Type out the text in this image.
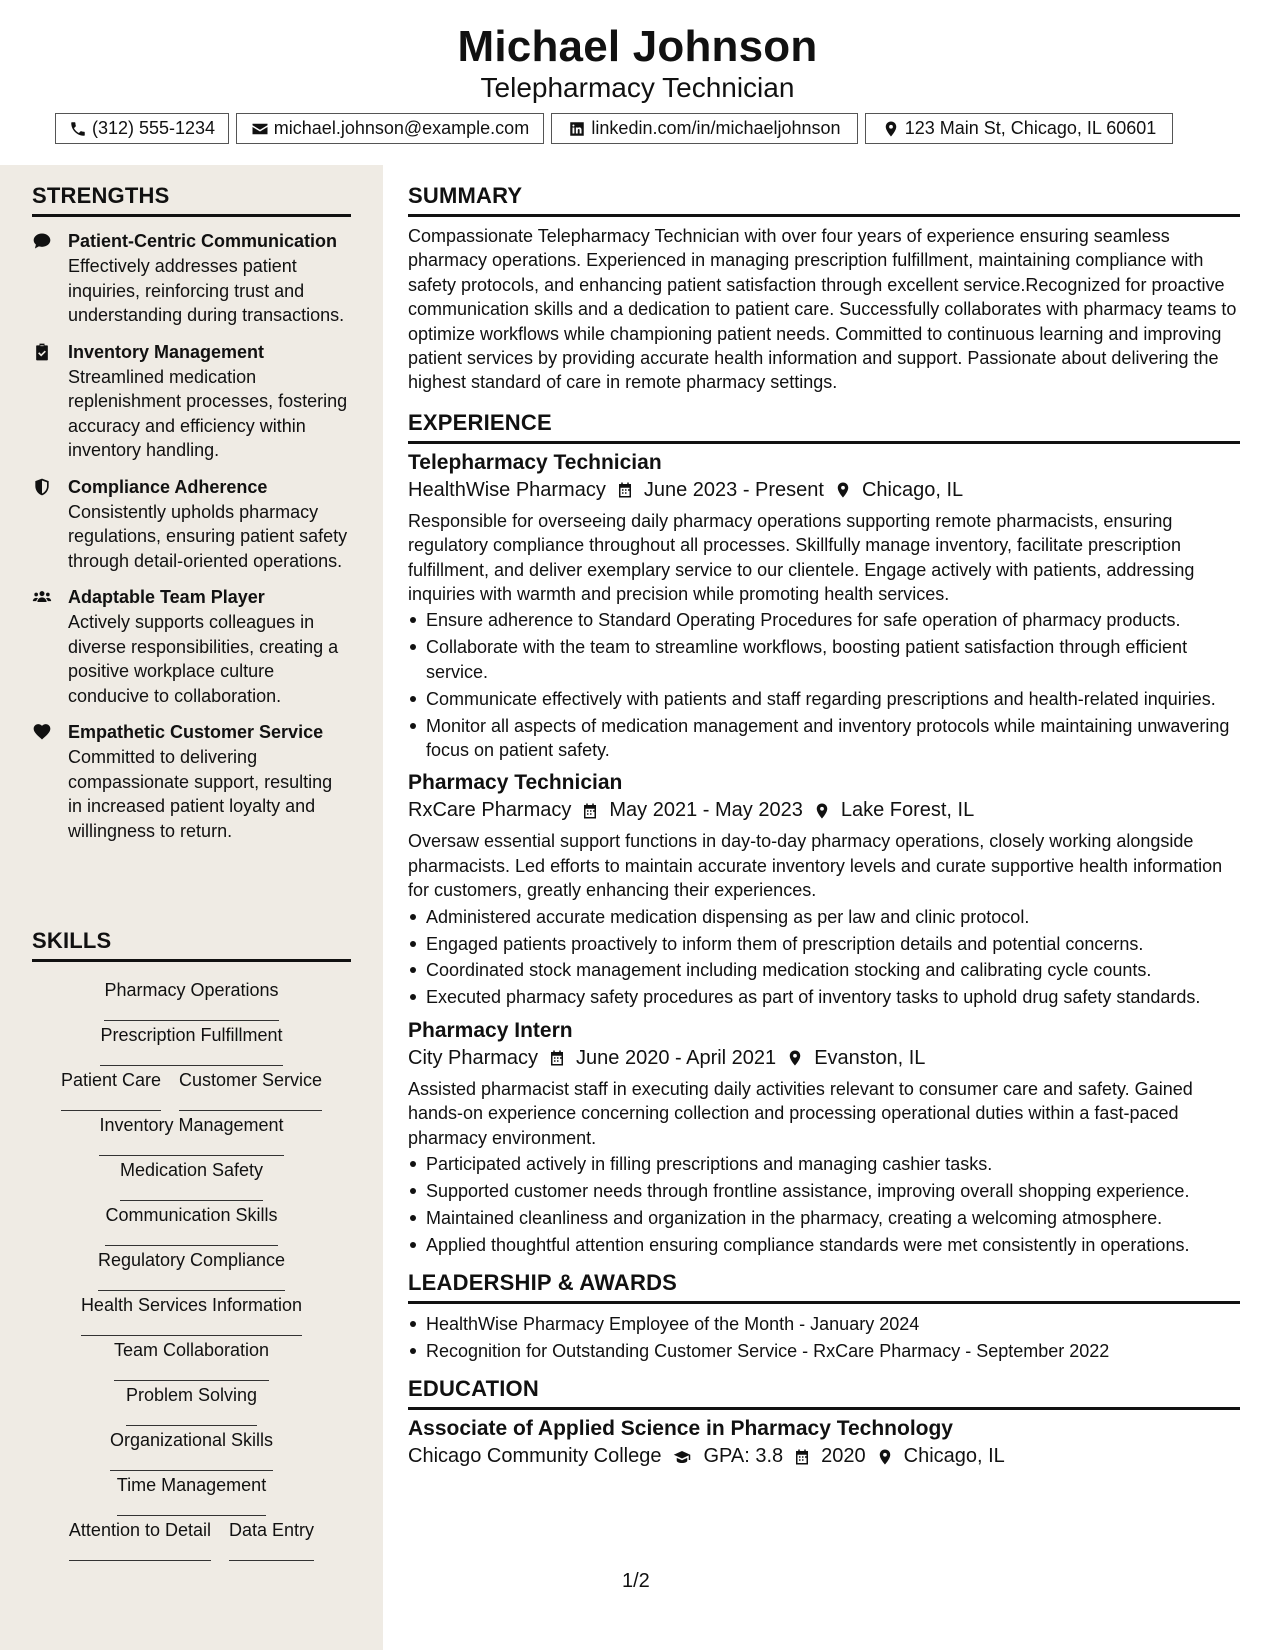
Michael Johnson
Telepharmacy Technician
(312) 555-1234	michael.johnson@example.com	linkedin.com/in/michaeljohnson	123 Main St, Chicago, IL 60601
STRENGTHS
Patient-Centric Communication
Effectively addresses patient inquiries, reinforcing trust and understanding during transactions.
Inventory Management
Streamlined medication replenishment processes, fostering accuracy and efficiency within inventory handling.
Compliance Adherence
Consistently upholds pharmacy regulations, ensuring patient safety through detail-oriented operations.
Adaptable Team Player
Actively supports colleagues in diverse responsibilities, creating a positive workplace culture conducive to collaboration.
Empathetic Customer Service
Committed to delivering compassionate support, resulting in increased patient loyalty and willingness to return.
SKILLS
Pharmacy Operations
Prescription Fulfillment
Patient Care Customer Service
Inventory Management
Medication Safety
Communication Skills
Regulatory Compliance
Health Services Information
Team Collaboration
Problem Solving
Organizational Skills
Time Management
Attention to Detail Data Entry
SUMMARY
Compassionate Telepharmacy Technician with over four years of experience ensuring seamless pharmacy operations. Experienced in managing prescription fulfillment, maintaining compliance with safety protocols, and enhancing patient satisfaction through excellent service.Recognized for proactive communication skills and a dedication to patient care. Successfully collaborates with pharmacy teams to optimize workflows while championing patient needs. Committed to continuous learning and improving patient services by providing accurate health information and support. Passionate about delivering the highest standard of care in remote pharmacy settings.
EXPERIENCE
Telepharmacy Technician
HealthWise Pharmacy June 2023 - Present Chicago, IL
Responsible for overseeing daily pharmacy operations supporting remote pharmacists, ensuring regulatory compliance throughout all processes. Skillfully manage inventory, facilitate prescription fulfillment, and deliver exemplary service to our clientele. Engage actively with patients, addressing inquiries with warmth and precision while promoting health services.
Ensure adherence to Standard Operating Procedures for safe operation of pharmacy products.
Collaborate with the team to streamline workflows, boosting patient satisfaction through efficient service.
Communicate effectively with patients and staff regarding prescriptions and health-related inquiries.
Monitor all aspects of medication management and inventory protocols while maintaining unwavering focus on patient safety.
Pharmacy Technician
RxCare Pharmacy May 2021 - May 2023 Lake Forest, IL
Oversaw essential support functions in day-to-day pharmacy operations, closely working alongside pharmacists. Led efforts to maintain accurate inventory levels and curate supportive health information for customers, greatly enhancing their experiences.
Administered accurate medication dispensing as per law and clinic protocol.
Engaged patients proactively to inform them of prescription details and potential concerns.
Coordinated stock management including medication stocking and calibrating cycle counts.
Executed pharmacy safety procedures as part of inventory tasks to uphold drug safety standards.
Pharmacy Intern
City Pharmacy June 2020 - April 2021 Evanston, IL
Assisted pharmacist staff in executing daily activities relevant to consumer care and safety. Gained hands-on experience concerning collection and processing operational duties within a fast-paced pharmacy environment.
Participated actively in filling prescriptions and managing cashier tasks.
Supported customer needs through frontline assistance, improving overall shopping experience.
Maintained cleanliness and organization in the pharmacy, creating a welcoming atmosphere.
Applied thoughtful attention ensuring compliance standards were met consistently in operations.
LEADERSHIP & AWARDS
HealthWise Pharmacy Employee of the Month - January 2024
Recognition for Outstanding Customer Service - RxCare Pharmacy - September 2022
EDUCATION
Associate of Applied Science in Pharmacy Technology
Chicago Community College GPA: 3.8 2020 Chicago, IL
1/2
